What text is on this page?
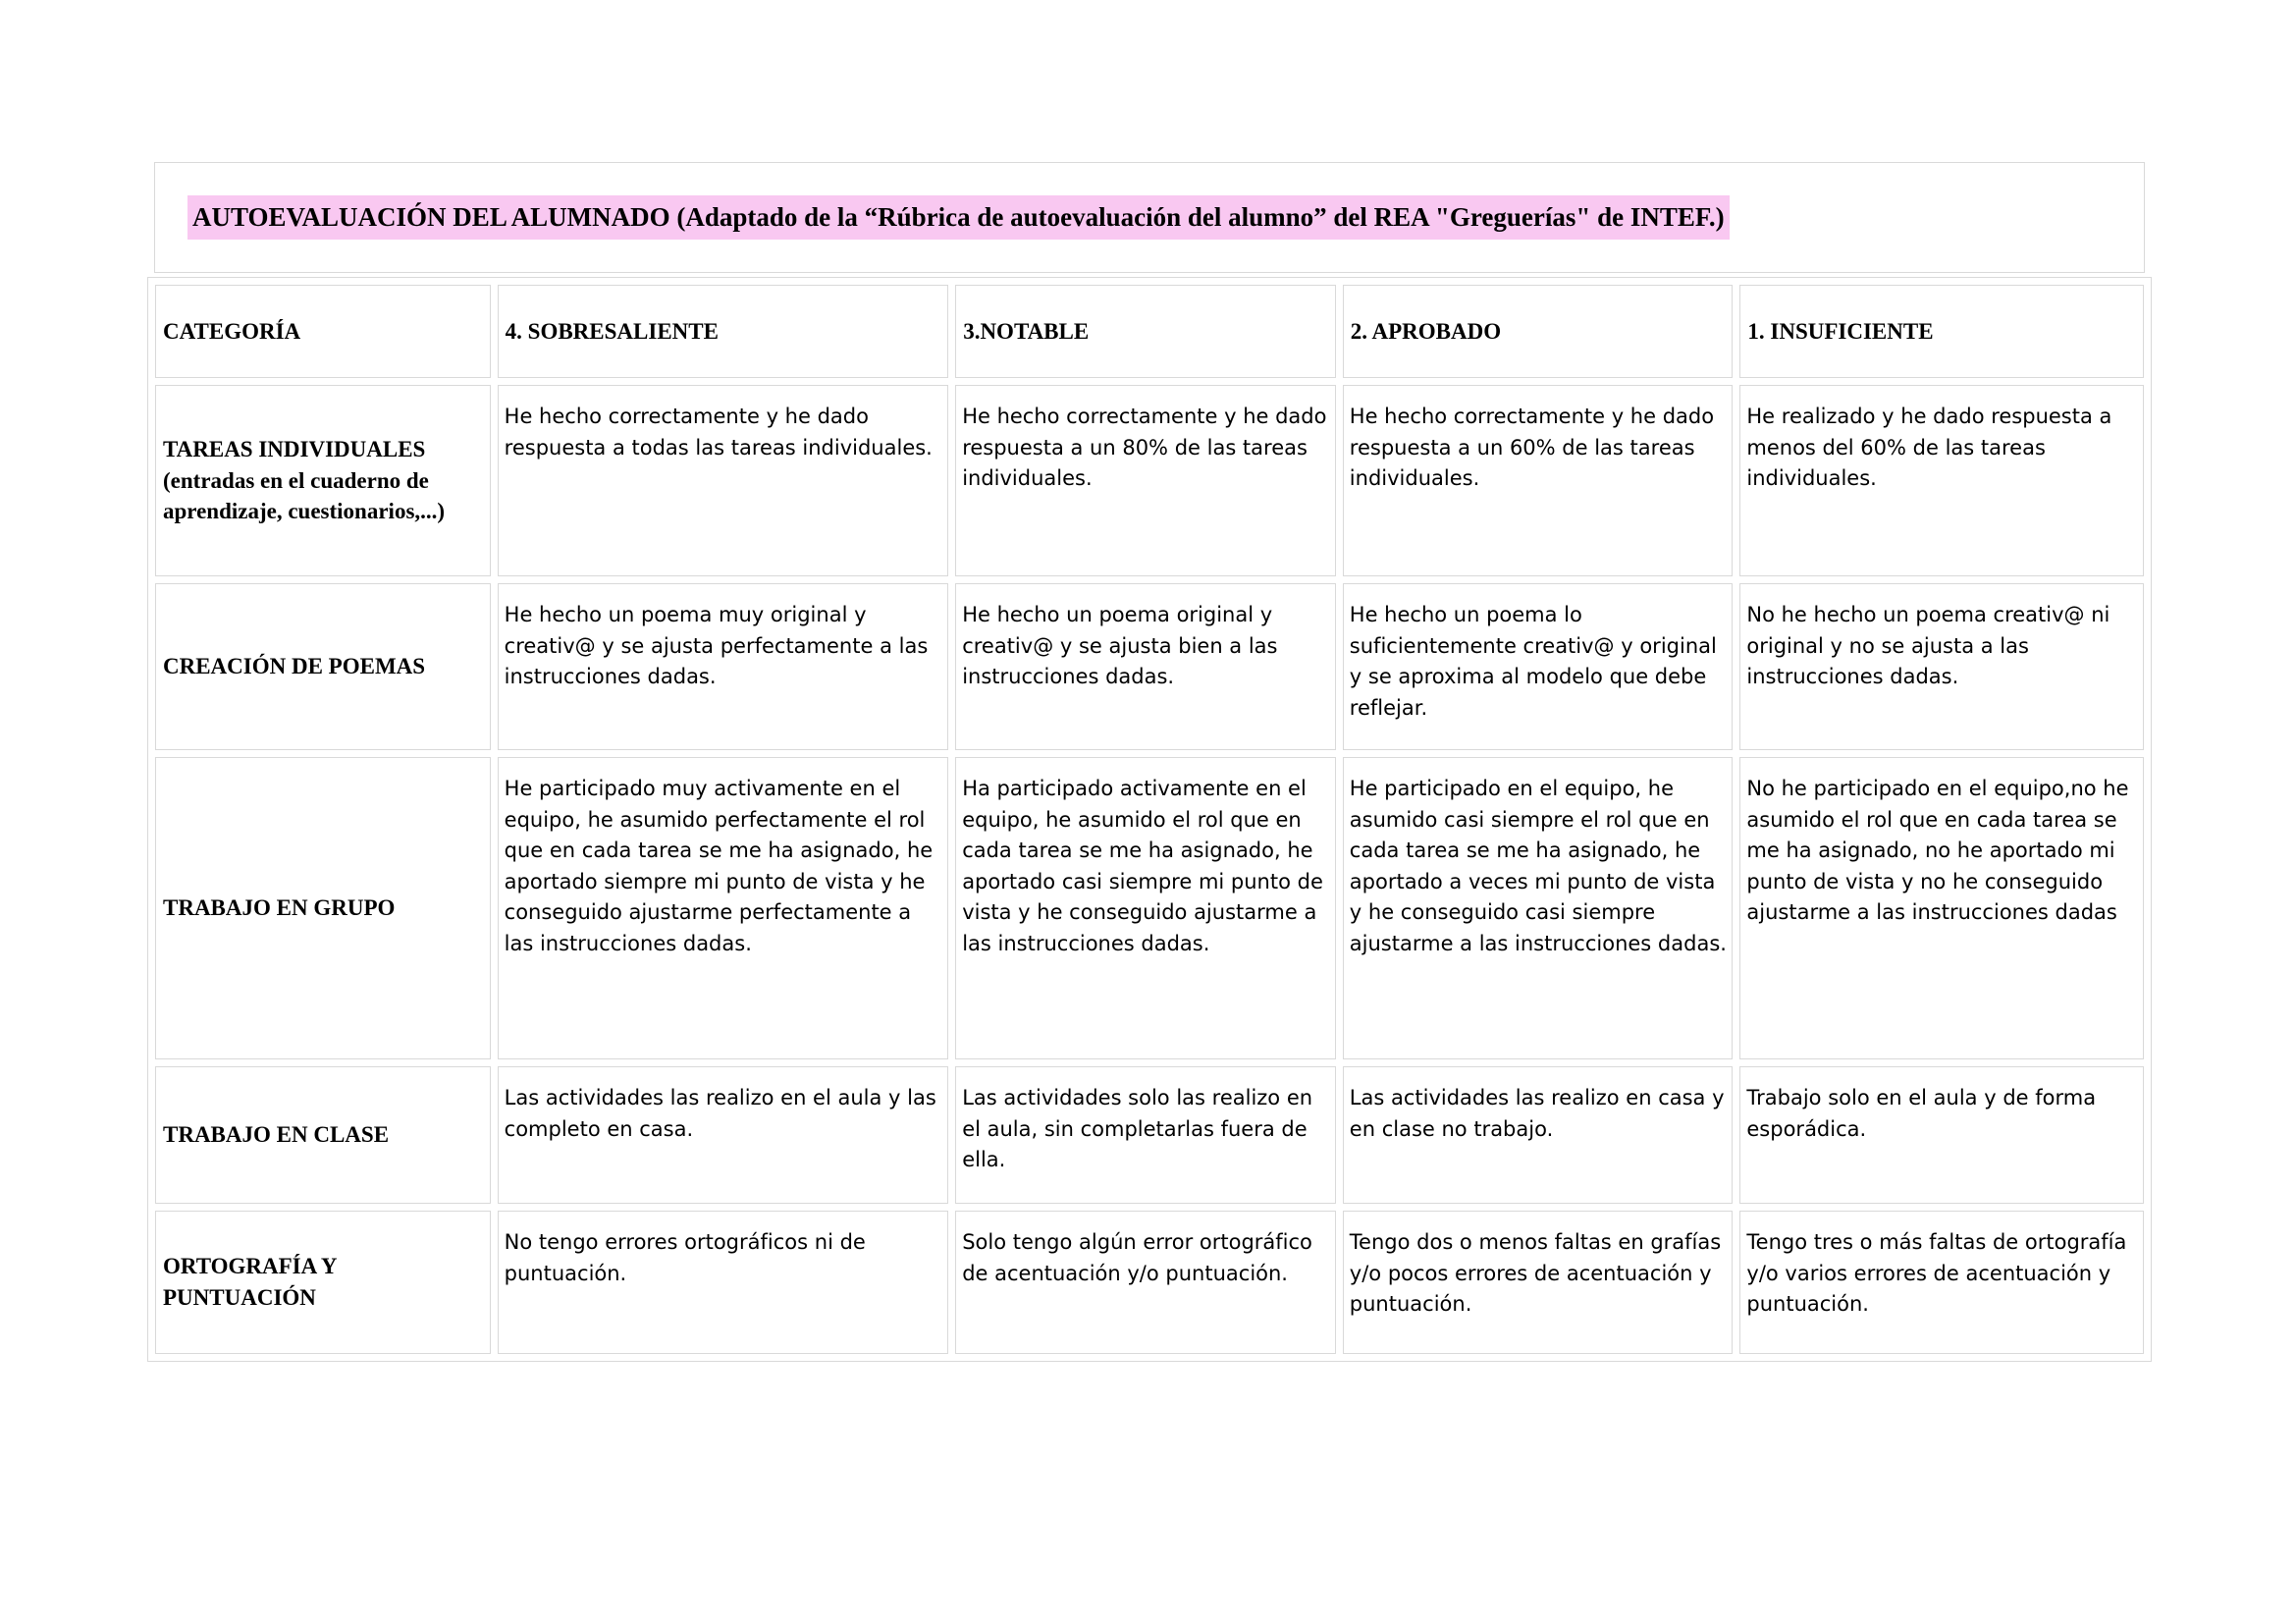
AUTOEVALUACIÓN DEL ALUMNADO (Adaptado de la “Rúbrica de autoevaluación del alumno” del REA "Greguerías" de INTEF.)
CATEGORÍA	4. SOBRESALIENTE	3.NOTABLE	2. APROBADO	1. INSUFICIENTE
TAREAS INDIVIDUALES (entradas en el cuaderno de aprendizaje, cuestionarios,...)	He hecho correctamente y he dado respuesta a todas las tareas individuales.	He hecho correctamente y he dado respuesta a un 80% de las tareas individuales.	He hecho correctamente y he dado respuesta a un 60% de las tareas individuales.	He realizado y he dado respuesta a menos del 60% de las tareas individuales.
CREACIÓN DE POEMAS	He hecho un poema muy original y creativ@ y se ajusta perfectamente a las instrucciones dadas.	He hecho un poema original y creativ@ y se ajusta bien a las instrucciones dadas.	He hecho un poema lo suficientemente creativ@ y original y se aproxima al modelo que debe reflejar.	No he hecho un poema creativ@ ni original y no se ajusta a las instrucciones dadas.
TRABAJO EN GRUPO	He participado muy activamente en el equipo, he asumido perfectamente el rol que en cada tarea se me ha asignado, he aportado siempre mi punto de vista y he conseguido ajustarme perfectamente a las instrucciones dadas.	Ha participado activamente en el equipo, he asumido el rol que en cada tarea se me ha asignado, he aportado casi siempre mi punto de vista y he conseguido ajustarme a las instrucciones dadas.	He participado en el equipo, he asumido casi siempre el rol que en cada tarea se me ha asignado, he aportado a veces mi punto de vista y he conseguido casi siempre ajustarme a las instrucciones dadas.	No he participado en el equipo,no he asumido el rol que en cada tarea se me ha asignado, no he aportado mi punto de vista y no he conseguido ajustarme a las instrucciones dadas
TRABAJO EN CLASE	Las actividades las realizo en el aula y las completo en casa.	Las actividades solo las realizo en el aula, sin completarlas fuera de ella.	Las actividades las realizo en casa y en clase no trabajo.	Trabajo solo en el aula y de forma esporádica.
ORTOGRAFÍA Y PUNTUACIÓN	No tengo errores ortográficos ni de puntuación.	Solo tengo algún error ortográfico de acentuación y/o puntuación.	Tengo dos o menos faltas en grafías y/o pocos errores de acentuación y puntuación.	Tengo tres o más faltas de ortografía y/o varios errores de acentuación y puntuación.
